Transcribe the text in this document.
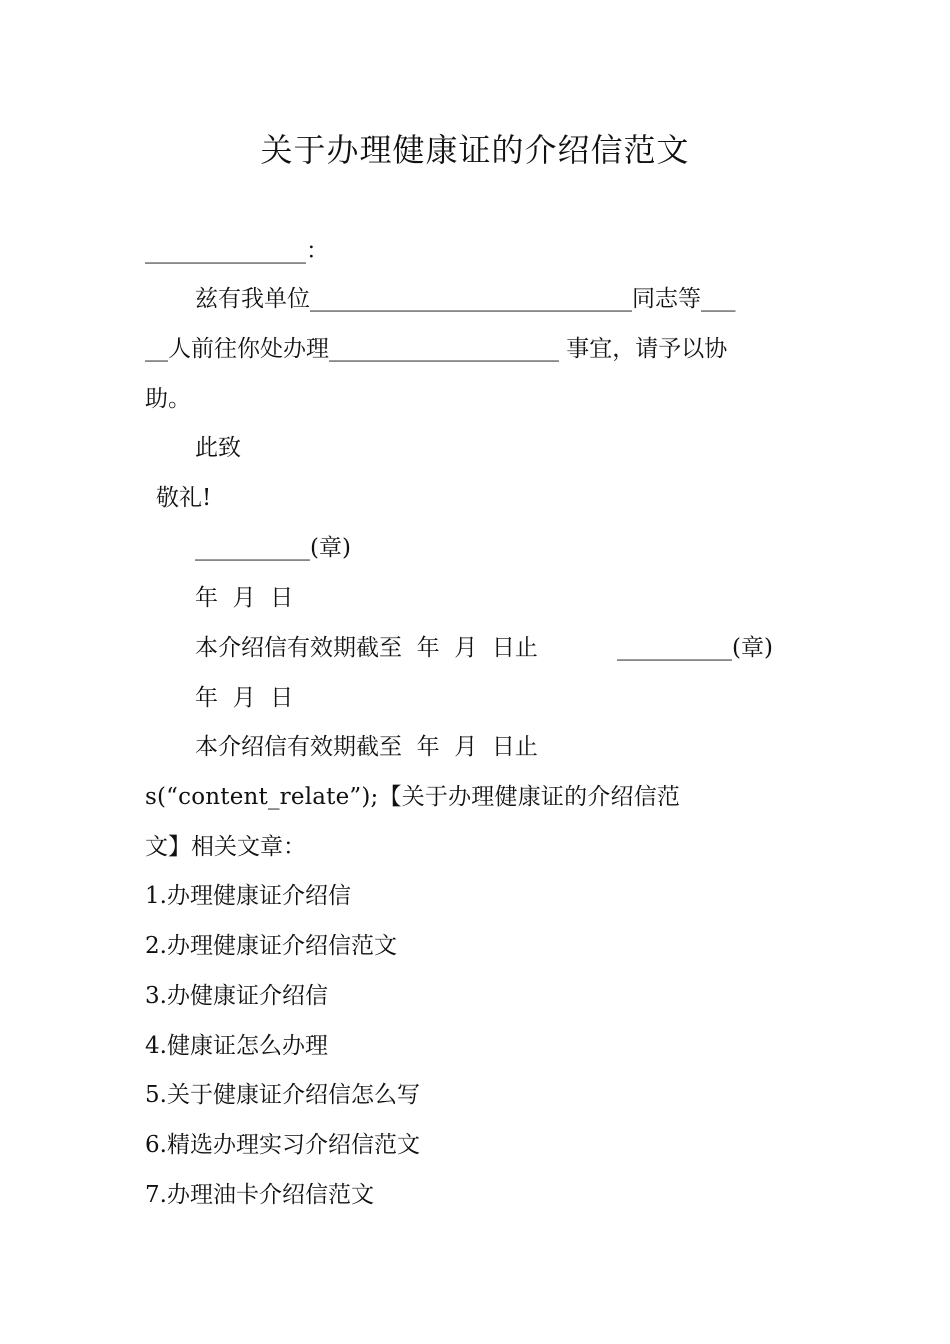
关于办理健康证的介绍信范文
______________：
兹有我单位____________________________同志等___
__人前往你处办理____________________ 事宜，请予以协
助。
此致
敬礼!
__________(章)
年  月  日
本介绍信有效期截至  年  月  日止	__________(章)
年  月  日
本介绍信有效期截至  年  月  日止
s(“content_relate”);【关于办理健康证的介绍信范
文】相关文章：
1.办理健康证介绍信
2.办理健康证介绍信范文
3.办健康证介绍信
4.健康证怎么办理
5.关于健康证介绍信怎么写
6.精选办理实习介绍信范文
7.办理油卡介绍信范文
